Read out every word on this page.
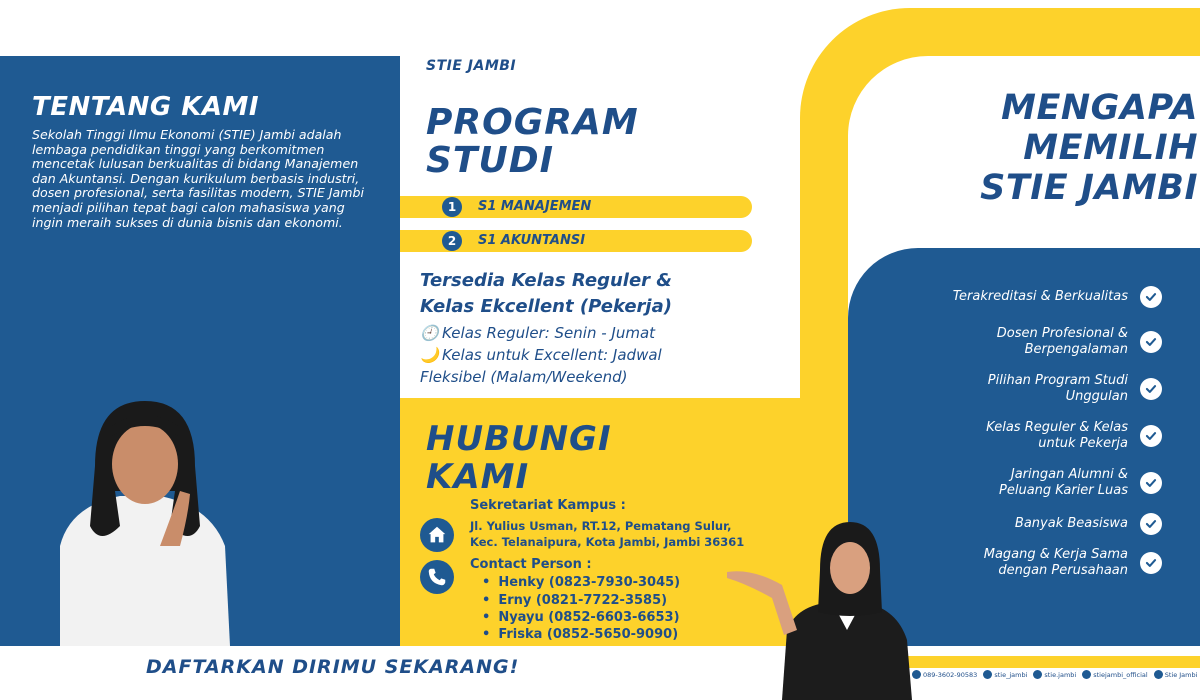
TENTANG KAMI
Sekolah Tinggi Ilmu Ekonomi (STIE) Jambi adalah lembaga pendidikan tinggi yang berkomitmen mencetak lulusan berkualitas di bidang Manajemen dan Akuntansi. Dengan kurikulum berbasis industri, dosen profesional, serta fasilitas modern, STIE Jambi menjadi pilihan tepat bagi calon mahasiswa yang ingin meraih sukses di dunia bisnis dan ekonomi.
STIE JAMBI
PROGRAM
STUDI
1	S1 MANAJEMEN
2	S1 AKUNTANSI
Tersedia Kelas Reguler &
Kelas Ekcellent (Pekerja)
🕘 Kelas Reguler: Senin - Jumat
🌙 Kelas untuk Excellent: Jadwal
Fleksibel (Malam/Weekend)
HUBUNGI
KAMI
Sekretariat Kampus :
Jl. Yulius Usman, RT.12, Pematang Sulur,
Kec. Telanaipura, Kota Jambi, Jambi 36361
Contact Person :
• Henky (0823-7930-3045)
• Erny (0821-7722-3585)
• Nyayu (0852-6603-6653)
• Friska (0852-5650-9090)
MENGAPA
MEMILIH
STIE JAMBI
Terakreditasi & Berkualitas
Dosen Profesional &
Berpengalaman
Pilihan Program Studi
Unggulan
Kelas Reguler & Kelas
untuk Pekerja
Jaringan Alumni &
Peluang Karier Luas
Banyak Beasiswa
Magang & Kerja Sama
dengan Perusahaan
DAFTARKAN DIRIMU SEKARANG!	089-3602-90583	stie_jambi	stie.jambi	stiejambi_official	Stie Jambi
